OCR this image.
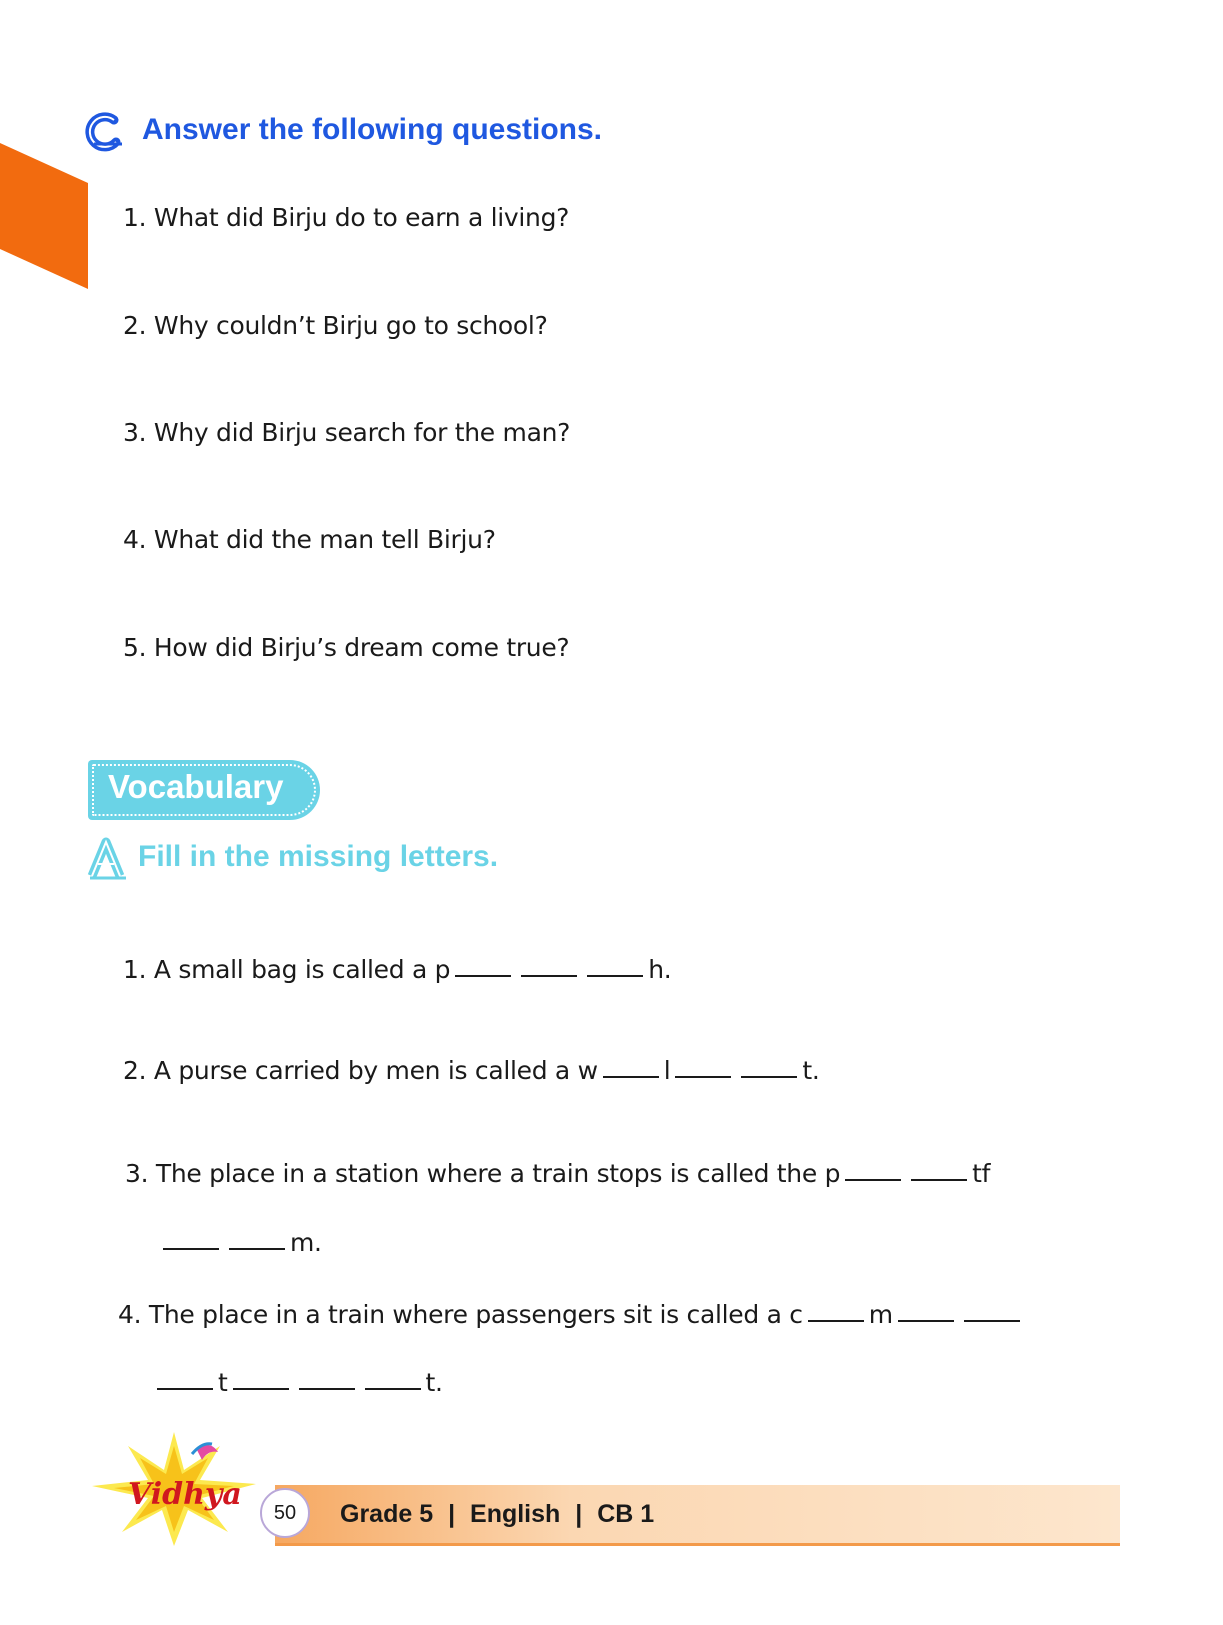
Answer the following questions.
1. What did Birju do to earn a living?
2. Why couldn’t Birju go to school?
3. Why did Birju search for the man?
4. What did the man tell Birju?
5. How did Birju’s dream come true?
Vocabulary
Fill in the missing letters.
1. A small bag is called a p	h.
2. A purse carried by men is called a w	l	t.
3. The place in a station where a train stops is called the p	tf
m.
4. The place in a train where passengers sit is called a c	m
t	t.
Vidhya
50	Grade 5 | English | CB 1
